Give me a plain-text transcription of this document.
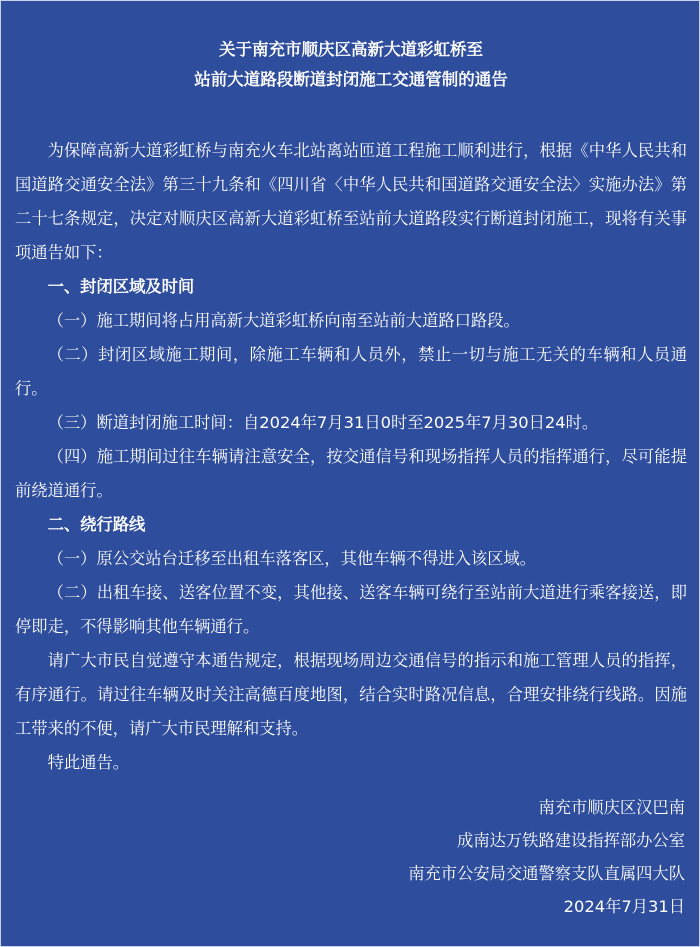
关于南充市顺庆区高新大道彩虹桥至
站前大道路段断道封闭施工交通管制的通告

为保障高新大道彩虹桥与南充火车北站离站匝道工程施工顺利进行，根据《中华人民共和国道路交通安全法》第三十九条和《四川省〈中华人民共和国道路交通安全法〉实施办法》第二十七条规定，决定对顺庆区高新大道彩虹桥至站前大道路段实行断道封闭施工，现将有关事项通告如下：

一、封闭区域及时间

（一）施工期间将占用高新大道彩虹桥向南至站前大道路口路段。

（二）封闭区域施工期间，除施工车辆和人员外，禁止一切与施工无关的车辆和人员通行。

（三）断道封闭施工时间：自2024年7月31日0时至2025年7月30日24时。

（四）施工期间过往车辆请注意安全，按交通信号和现场指挥人员的指挥通行，尽可能提前绕道通行。

二、绕行路线

（一）原公交站台迁移至出租车落客区，其他车辆不得进入该区域。

（二）出租车接、送客位置不变，其他接、送客车辆可绕行至站前大道进行乘客接送，即停即走，不得影响其他车辆通行。

请广大市民自觉遵守本通告规定，根据现场周边交通信号的指示和施工管理人员的指挥，有序通行。请过往车辆及时关注高德百度地图，结合实时路况信息，合理安排绕行线路。因施工带来的不便，请广大市民理解和支持。

特此通告。

南充市顺庆区汉巴南
成南达万铁路建设指挥部办公室
南充市公安局交通警察支队直属四大队
2024年7月31日
